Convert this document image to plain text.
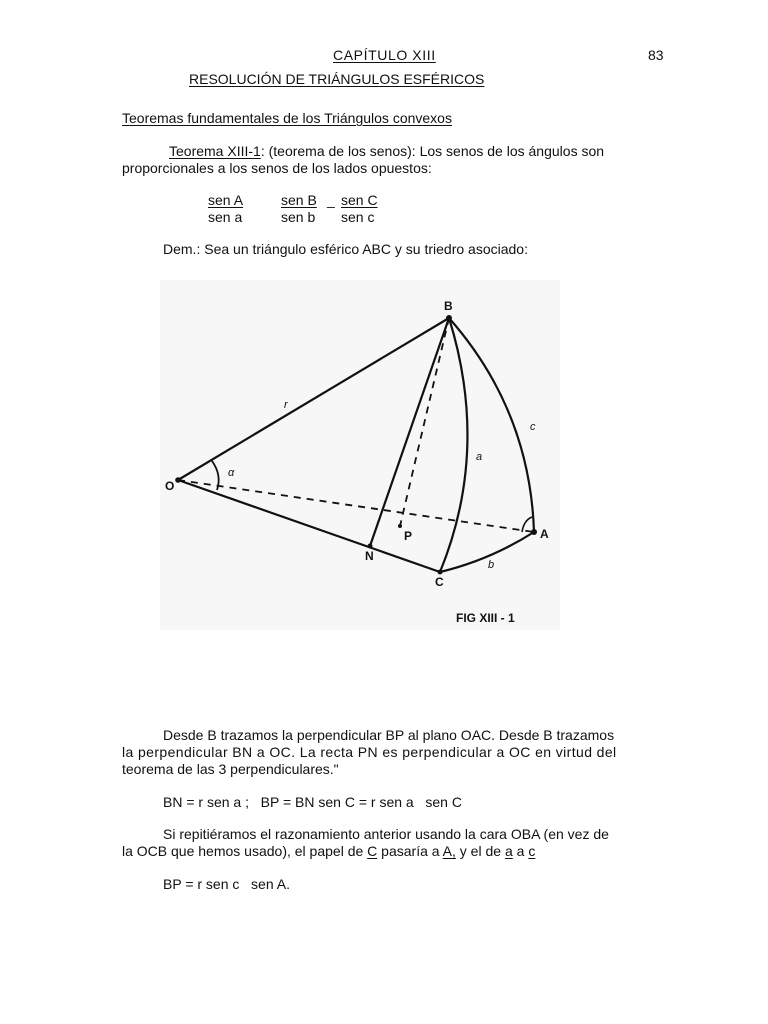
CAPÍTULO XIII	83
RESOLUCIÓN DE TRIÁNGULOS ESFÉRICOS
Teoremas fundamentales de los Triángulos convexos
Teorema XIII-1: (teorema de los senos): Los senos de los ángulos son
proporcionales a los senos de los lados opuestos:
sen A	sen B _ sen C
sen a	sen b sen c
Dem.: Sea un triángulo esférico ABC y su triedro asociado:
B
O
A
C
N
P
r
a
b
c
α
FIG XIII - 1
Desde B trazamos la perpendicular BP al plano OAC. Desde B trazamos
la perpendicular BN a OC. La recta PN es perpendicular a OC en virtud del
teorema de las 3 perpendiculares."
BN = r sen a ;   BP = BN sen C = r sen a   sen C
Si repitiéramos el razonamiento anterior usando la cara OBA (en vez de
la OCB que hemos usado), el papel de C pasaría a A, y el de a a c
BP = r sen c   sen A.
